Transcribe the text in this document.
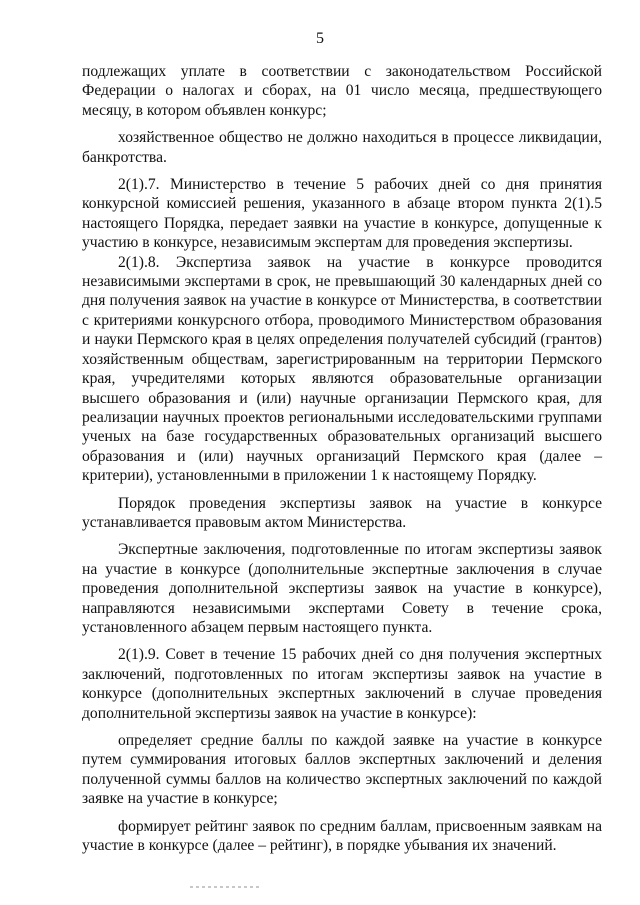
5

подлежащих уплате в соответствии с законодательством Российской Федерации о налогах и сборах, на 01 число месяца, предшествующего месяцу, в котором объявлен конкурс;

хозяйственное общество не должно находиться в процессе ликвидации, банкротства.

2(1).7. Министерство в течение 5 рабочих дней со дня принятия конкурсной комиссией решения, указанного в абзаце втором пункта 2(1).5 настоящего Порядка, передает заявки на участие в конкурсе, допущенные к участию в конкурсе, независимым экспертам для проведения экспертизы.

2(1).8. Экспертиза заявок на участие в конкурсе проводится независимыми экспертами в срок, не превышающий 30 календарных дней со дня получения заявок на участие в конкурсе от Министерства, в соответствии с критериями конкурсного отбора, проводимого Министерством образования и науки Пермского края в целях определения получателей субсидий (грантов) хозяйственным обществам, зарегистрированным на территории Пермского края, учредителями которых являются образовательные организации высшего образования и (или) научные организации Пермского края, для реализации научных проектов региональными исследовательскими группами ученых на базе государственных образовательных организаций высшего образования и (или) научных организаций Пермского края (далее – критерии), установленными в приложении 1 к настоящему Порядку.

Порядок проведения экспертизы заявок на участие в конкурсе устанавливается правовым актом Министерства.

Экспертные заключения, подготовленные по итогам экспертизы заявок на участие в конкурсе (дополнительные экспертные заключения в случае проведения дополнительной экспертизы заявок на участие в конкурсе), направляются независимыми экспертами Совету в течение срока, установленного абзацем первым настоящего пункта.

2(1).9. Совет в течение 15 рабочих дней со дня получения экспертных заключений, подготовленных по итогам экспертизы заявок на участие в конкурсе (дополнительных экспертных заключений в случае проведения дополнительной экспертизы заявок на участие в конкурсе):

определяет средние баллы по каждой заявке на участие в конкурсе путем суммирования итоговых баллов экспертных заключений и деления полученной суммы баллов на количество экспертных заключений по каждой заявке на участие в конкурсе;

формирует рейтинг заявок по средним баллам, присвоенным заявкам на участие в конкурсе (далее – рейтинг), в порядке убывания их значений.
